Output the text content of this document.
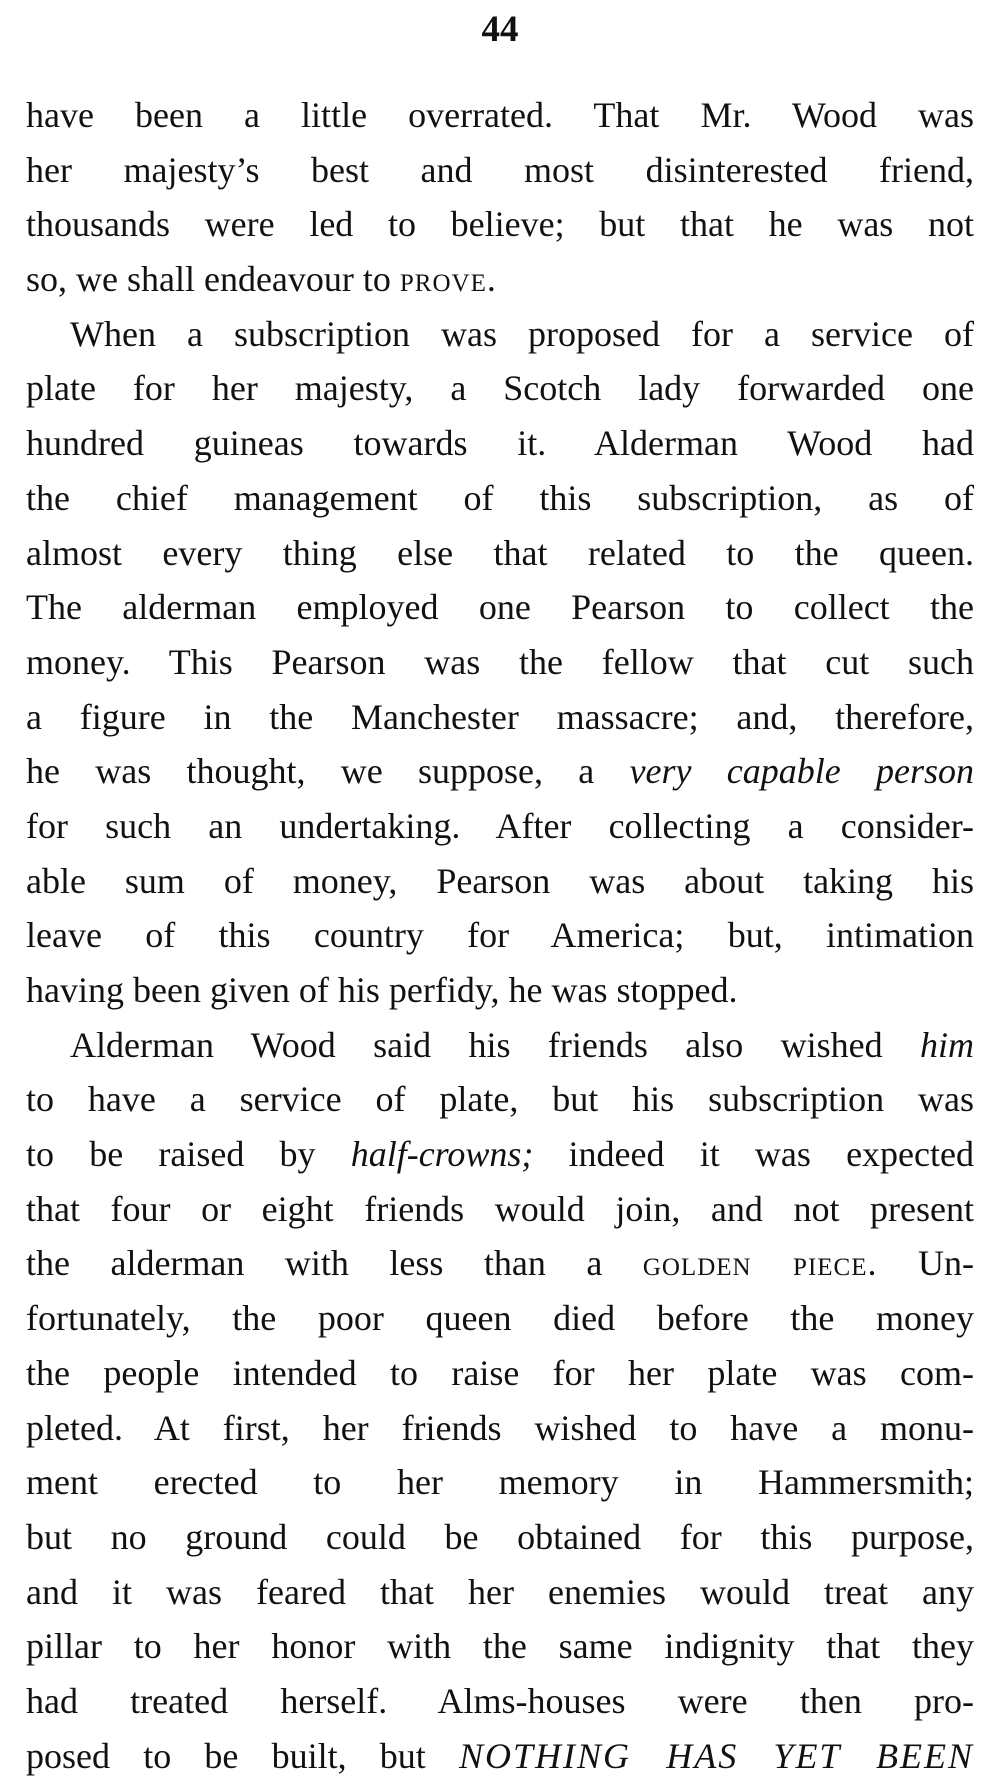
44
have been a little overrated. That Mr. Wood was
her majesty’s best and most disinterested friend,
thousands were led to believe; but that he was not
so, we shall endeavour to prove.
When a subscription was proposed for a service of
plate for her majesty, a Scotch lady forwarded one
hundred guineas towards it. Alderman Wood had
the chief management of this subscription, as of
almost every thing else that related to the queen.
The alderman employed one Pearson to collect the
money. This Pearson was the fellow that cut such
a figure in the Manchester massacre; and, therefore,
he was thought, we suppose, a very capable person
for such an undertaking. After collecting a consider-
able sum of money, Pearson was about taking his
leave of this country for America; but, intimation
having been given of his perfidy, he was stopped.
Alderman Wood said his friends also wished him
to have a service of plate, but his subscription was
to be raised by half-crowns; indeed it was expected
that four or eight friends would join, and not present
the alderman with less than a golden piece. Un-
fortunately, the poor queen died before the money
the people intended to raise for her plate was com-
pleted. At first, her friends wished to have a monu-
ment erected to her memory in Hammersmith;
but no ground could be obtained for this purpose,
and it was feared that her enemies would treat any
pillar to her honor with the same indignity that they
had treated herself. Alms-houses were then pro-
posed to be built, but NOTHING HAS YET BEEN
